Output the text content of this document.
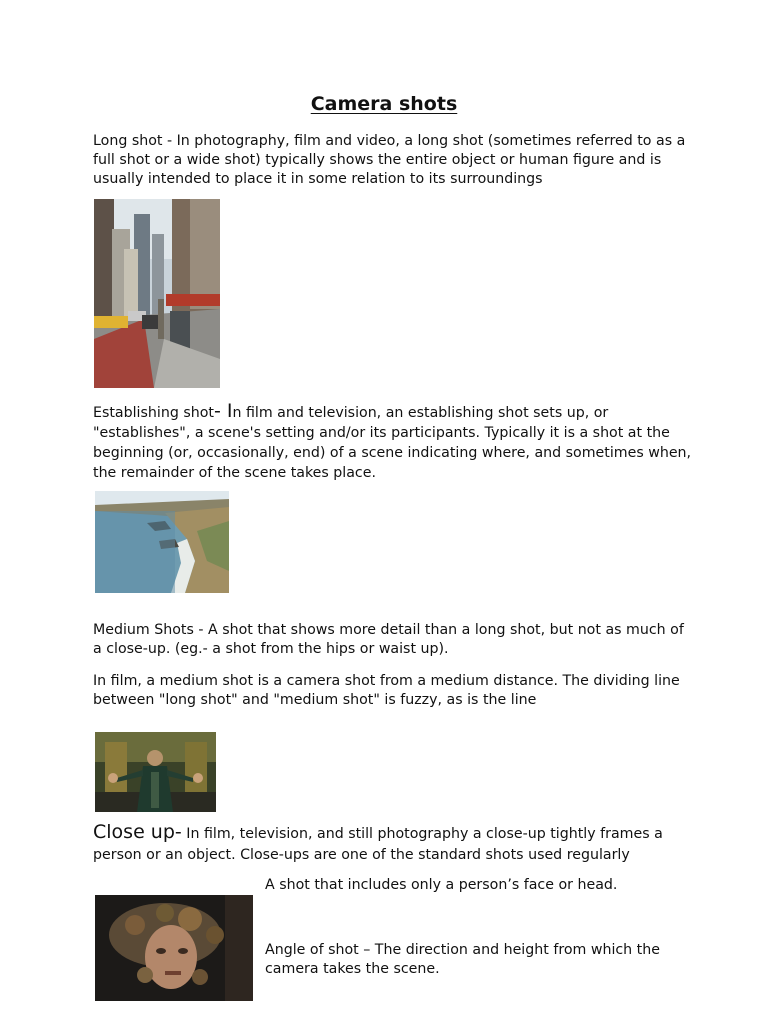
Camera shots

Long shot - In photography, film and video, a long shot (sometimes referred to as a full shot or a wide shot) typically shows the entire object or human figure and is usually intended to place it in some relation to its surroundings

Establishing shot- In film and television, an establishing shot sets up, or "establishes", a scene's setting and/or its participants. Typically it is a shot at the beginning (or, occasionally, end) of a scene indicating where, and sometimes when, the remainder of the scene takes place.

Medium Shots - A shot that shows more detail than a long shot, but not as much of a close-up. (eg.- a shot from the hips or waist up).

In film, a medium shot is a camera shot from a medium distance. The dividing line between "long shot" and "medium shot" is fuzzy, as is the line

Close up- In film, television, and still photography a close-up tightly frames a person or an object. Close-ups are one of the standard shots used regularly

A shot that includes only a person’s face or head.

Angle of shot – The direction and height from which the camera takes the scene.
